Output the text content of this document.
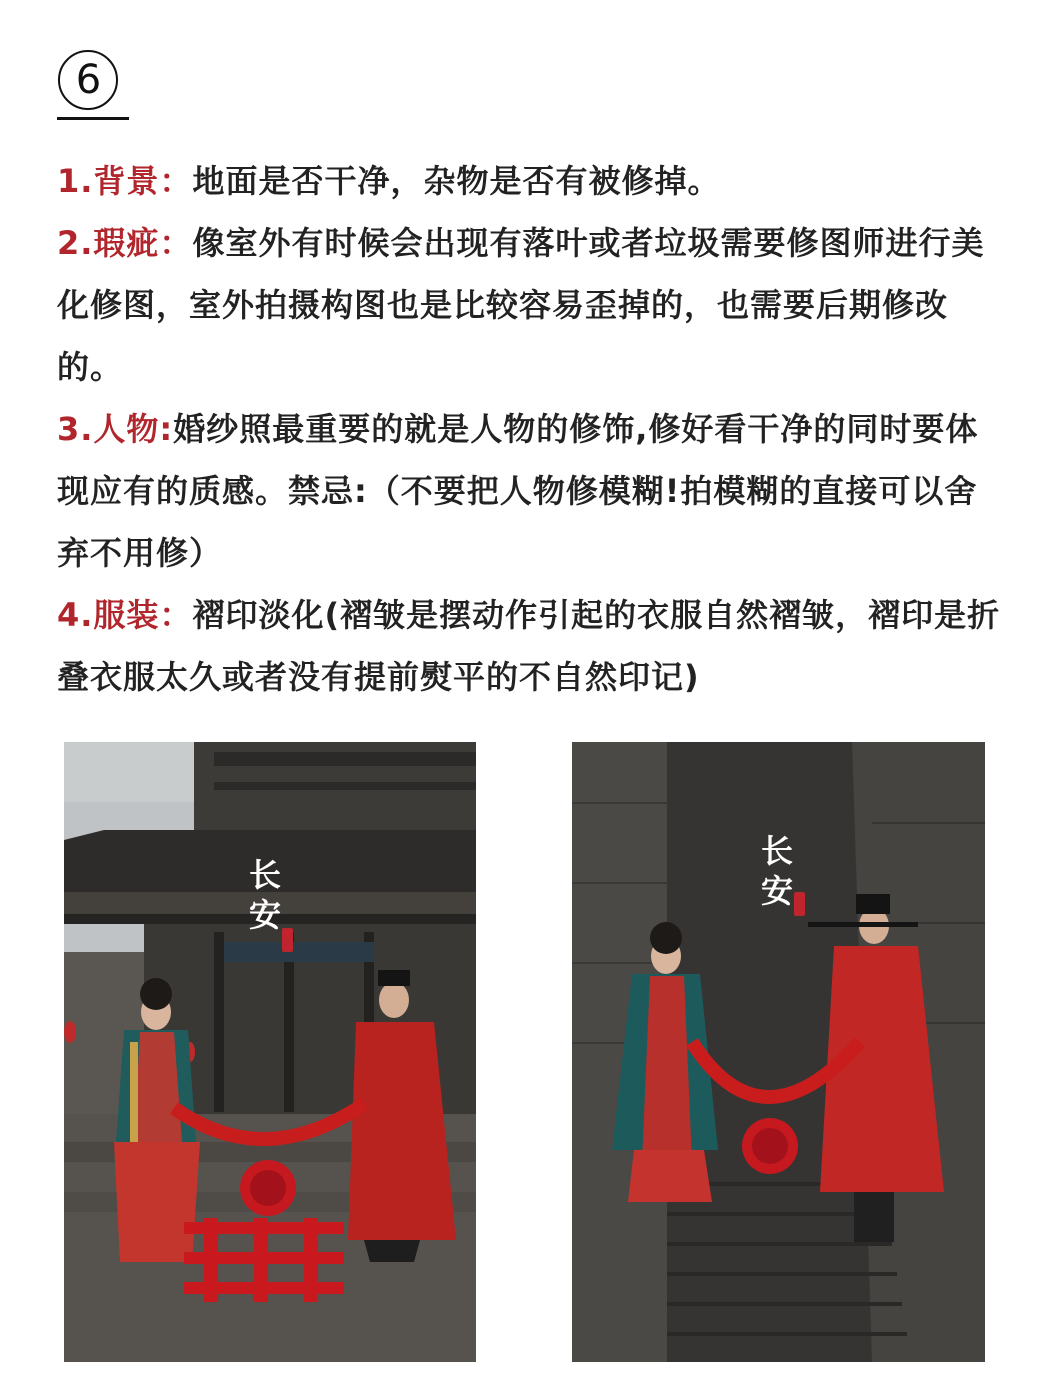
6

1.背景：地面是否干净，杂物是否有被修掉。

2.瑕疵：像室外有时候会出现有落叶或者垃圾需要修图师进行美化修图，室外拍摄构图也是比较容易歪掉的，也需要后期修改的。

3.人物:婚纱照最重要的就是人物的修饰,修好看干净的同时要体现应有的质感。禁忌:（不要把人物修模糊!拍模糊的直接可以舍弃不用修）

4.服装：褶印淡化(褶皱是摆动作引起的衣服自然褶皱，褶印是折叠衣服太久或者没有提前熨平的不自然印记)

长安	长安
